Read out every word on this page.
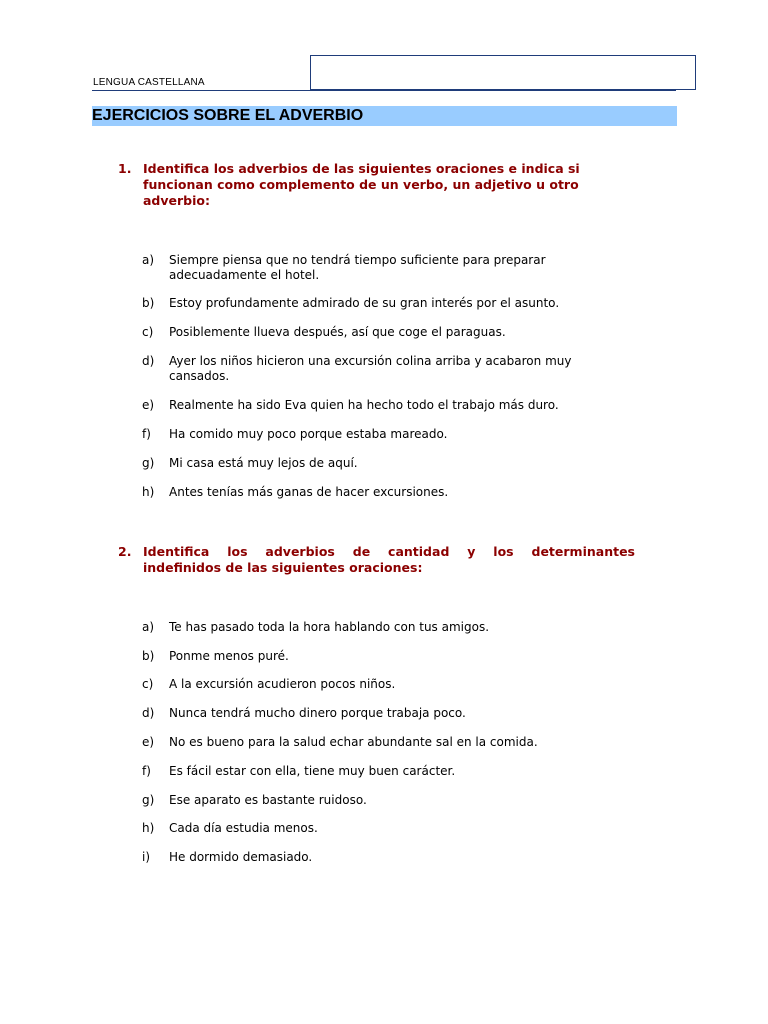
LENGUA CASTELLANA
EJERCICIOS SOBRE EL ADVERBIO
1. Identifica los adverbios de las siguientes oraciones e indica si funcionan como complemento de un verbo, un adjetivo u otro adverbio:
a) Siempre piensa que no tendrá tiempo suficiente para preparar adecuadamente el hotel.
b) Estoy profundamente admirado de su gran interés por el asunto.
c) Posiblemente llueva después, así que coge el paraguas.
d) Ayer los niños hicieron una excursión colina arriba y acabaron muy cansados.
e) Realmente ha sido Eva quien ha hecho todo el trabajo más duro.
f) Ha comido muy poco porque estaba mareado.
g) Mi casa está muy lejos de aquí.
h) Antes tenías más ganas de hacer excursiones.
2. Identifica los adverbios de cantidad y los determinantes
indefinidos de las siguientes oraciones:
a) Te has pasado toda la hora hablando con tus amigos.
b) Ponme menos puré.
c) A la excursión acudieron pocos niños.
d) Nunca tendrá mucho dinero porque trabaja poco.
e) No es bueno para la salud echar abundante sal en la comida.
f) Es fácil estar con ella, tiene muy buen carácter.
g) Ese aparato es bastante ruidoso.
h) Cada día estudia menos.
i) He dormido demasiado.
